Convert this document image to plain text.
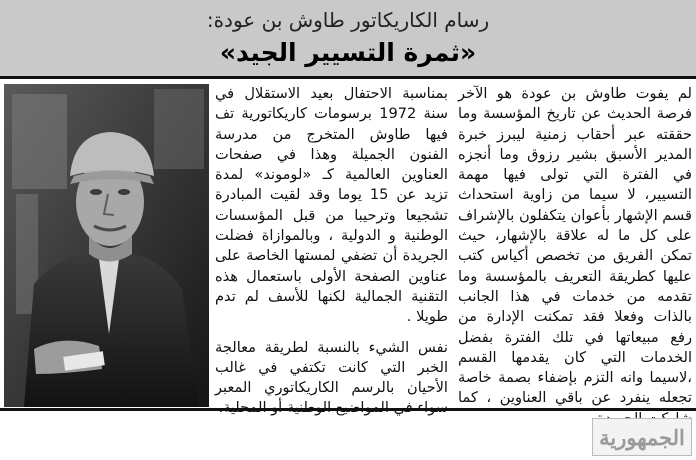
رسام الكاريكاتور طاوش بن عودة:
«ثمرة التسيير الجيد»

لم يفوت طاوش بن عودة هو الآخر فرصة الحديث عن تاريخ المؤسسة وما حققته عبر أحقاب زمنية ليبرز خبرة المدير الأسبق بشير رزوق وما أنجزه في الفترة التي تولى فيها مهمة التسيير، لا سيما من زاوية استحداث قسم الإشهار بأعوان يتكفلون بالإشراف على كل ما له علاقة بالإشهار، حيث تمكن الفريق من تخصص أكياس كتب عليها كطريقة التعريف بالمؤسسة وما تقدمه من خدمات في هذا الجانب بالذات وفعلا فقد تمكنت الإدارة من رفع مبيعاتها في تلك الفترة بفضل الخدمات التي كان يقدمها القسم ،لاسيما وانه التزم بإضفاء بصمة خاصة تجعله ينفرد عن باقي العناوين ، كما

بمناسبة الاحتفال بعيد الاستقلال في سنة 1972 برسومات كاريكاتورية تف فيها طاوش المتخرج من مدرسة الفنون الجميلة وهذا في صفحات العناوين العالمية كـ «لوموند» لمدة تزيد عن 15 يوما وقد لقيت المبادرة تشجيعا وترحيبا من قبل المؤسسات الوطنية و الدولية ، وبالموازاة فضلت الجريدة أن تضفي لمستها الخاصة على عناوين الصفحة الأولى باستعمال هذه التقنية الجمالية لكنها للأسف لم تدم طويلا .

نفس الشيء بالنسبة لطريقة معالجة الخبر التي كانت تكتفي في غالب الأحيان بالرسم الكاريكاتوري المعبر

الجمهورية
